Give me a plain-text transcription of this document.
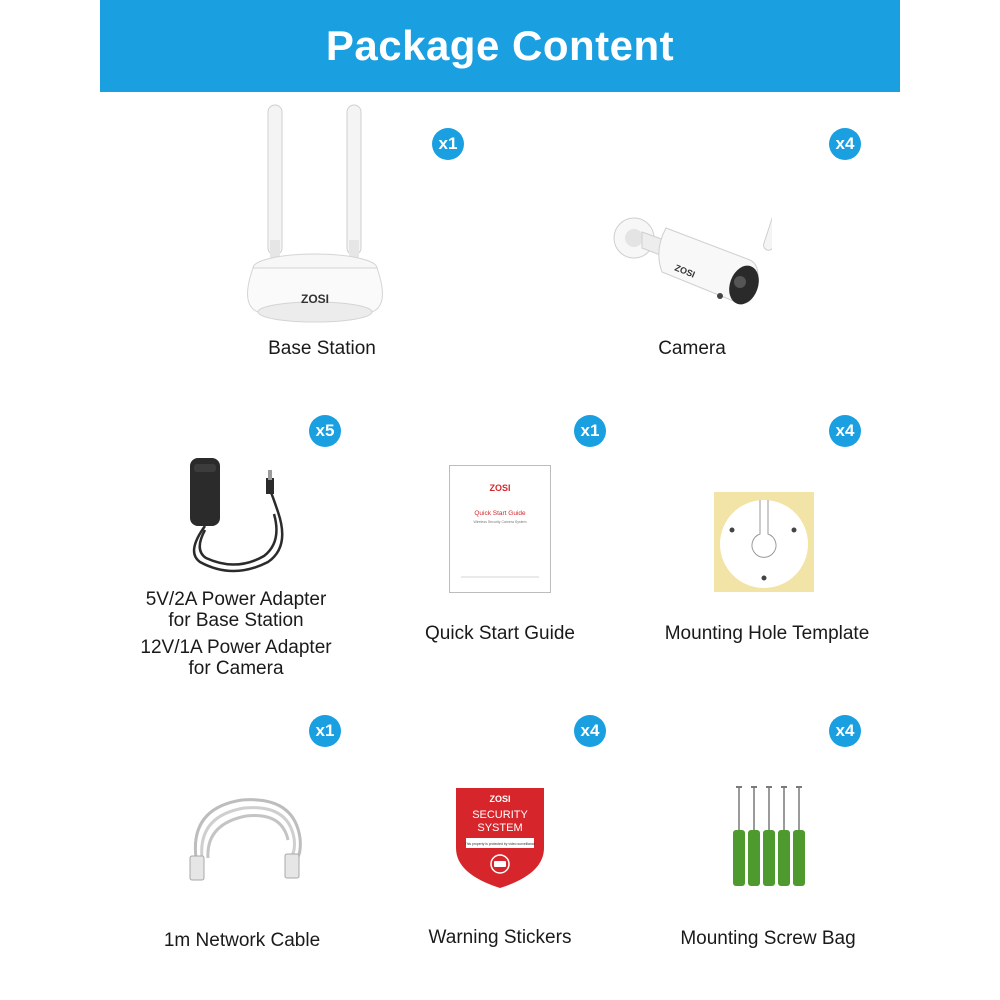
Package Content
ZOSI
x1
Base Station
ZOSI
x4
Camera
x5
5V/2A Power Adapter
for Base Station
12V/1A Power Adapter
for Camera
ZOSI
Quick Start Guide
Wireless Security Camera System
x1
Quick Start Guide
x4
Mounting Hole Template
x1
1m Network Cable
ZOSI
SECURITY
SYSTEM
This property is protected by video surveillance
x4
Warning Stickers
x4
Mounting Screw Bag
